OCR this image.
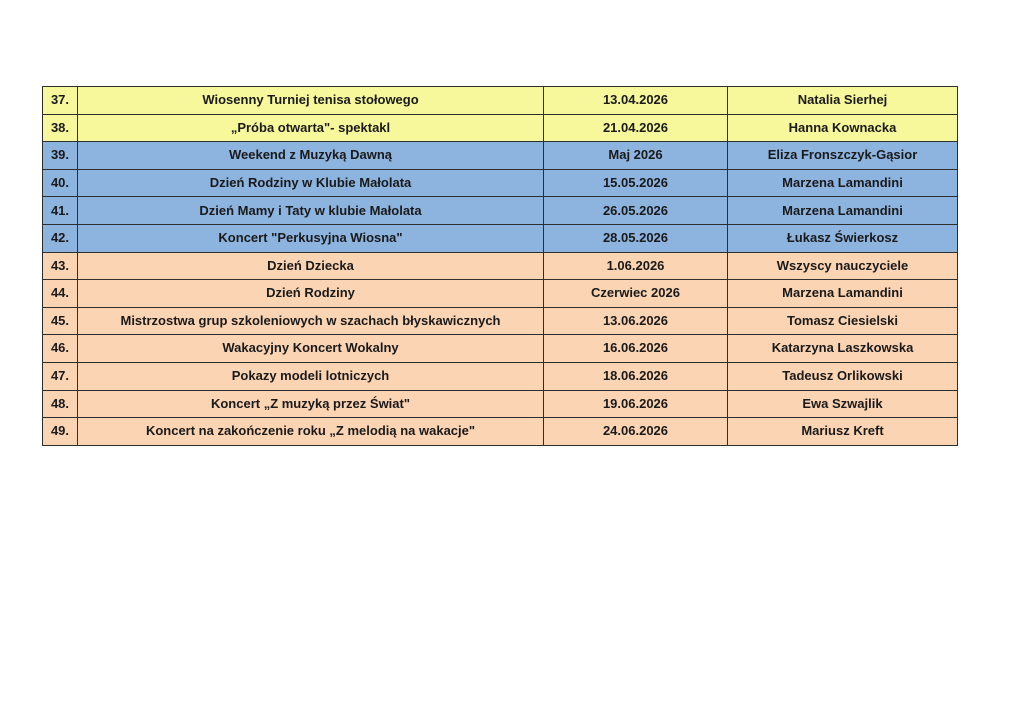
37.	Wiosenny Turniej tenisa stołowego	13.04.2026	Natalia Sierhej
38.	„Próba otwarta"- spektakl	21.04.2026	Hanna Kownacka
39.	Weekend z Muzyką Dawną	Maj 2026	Eliza Fronszczyk-Gąsior
40.	Dzień Rodziny w Klubie Małolata	15.05.2026	Marzena Lamandini
41.	Dzień Mamy i Taty w klubie Małolata	26.05.2026	Marzena Lamandini
42.	Koncert "Perkusyjna Wiosna"	28.05.2026	Łukasz Świerkosz
43.	Dzień Dziecka	1.06.2026	Wszyscy nauczyciele
44.	Dzień Rodziny	Czerwiec 2026	Marzena Lamandini
45.	Mistrzostwa grup szkoleniowych w szachach błyskawicznych	13.06.2026	Tomasz Ciesielski
46.	Wakacyjny Koncert Wokalny	16.06.2026	Katarzyna Laszkowska
47.	Pokazy modeli lotniczych	18.06.2026	Tadeusz Orlikowski
48.	Koncert „Z muzyką przez Świat"	19.06.2026	Ewa Szwajlik
49.	Koncert na zakończenie roku „Z melodią na wakacje"	24.06.2026	Mariusz Kreft
